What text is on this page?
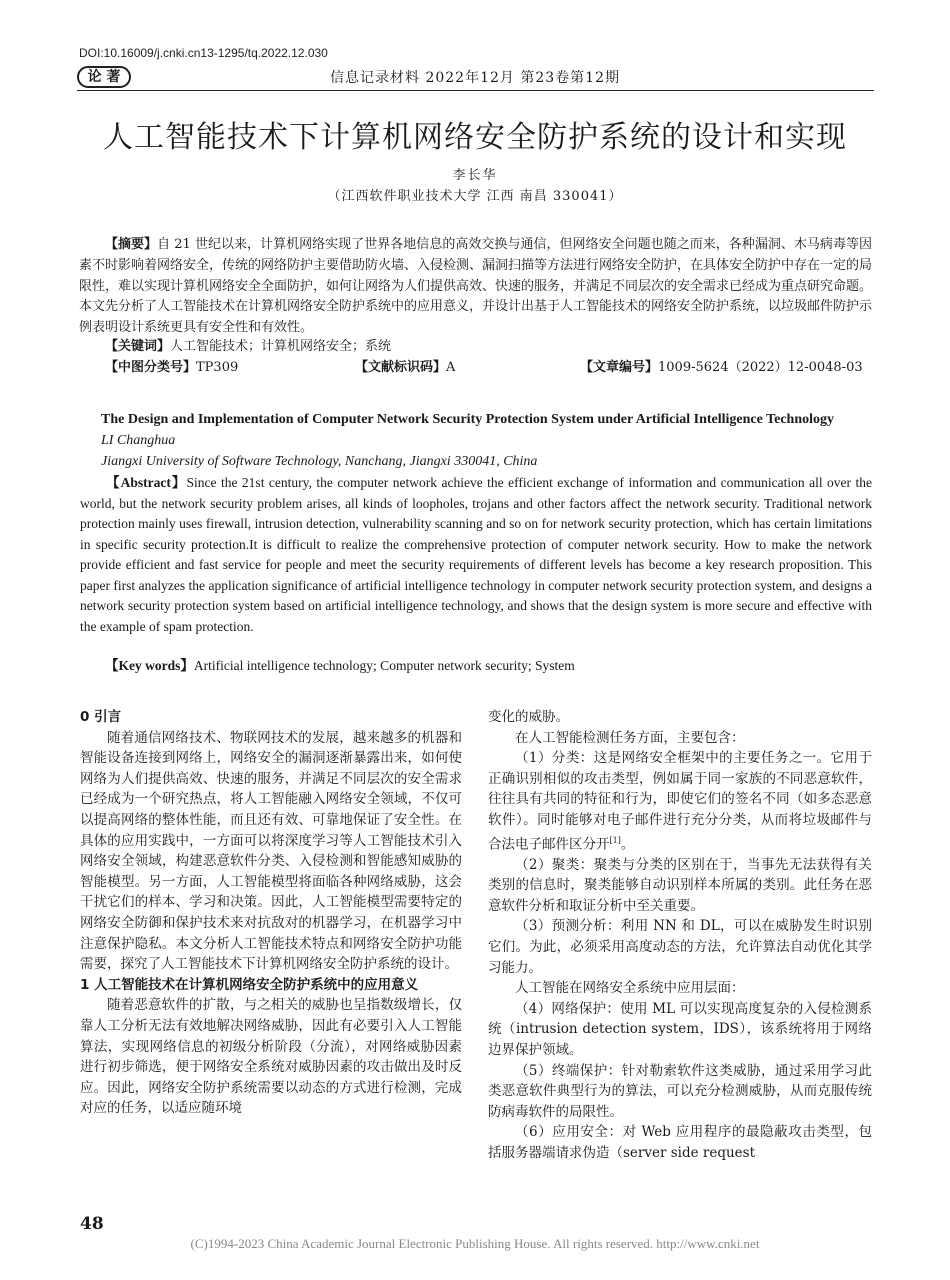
DOI:10.16009/j.cnki.cn13-1295/tq.2022.12.030
论 著	信息记录材料 2022年12月 第23卷第12期
人工智能技术下计算机网络安全防护系统的设计和实现
李长华
（江西软件职业技术大学 江西 南昌 330041）
【摘要】自 21 世纪以来，计算机网络实现了世界各地信息的高效交换与通信，但网络安全问题也随之而来，各种漏洞、木马病毒等因素不时影响着网络安全，传统的网络防护主要借助防火墙、入侵检测、漏洞扫描等方法进行网络安全防护，在具体安全防护中存在一定的局限性，难以实现计算机网络安全全面防护，如何让网络为人们提供高效、快速的服务，并满足不同层次的安全需求已经成为重点研究命题。本文先分析了人工智能技术在计算机网络安全防护系统中的应用意义，并设计出基于人工智能技术的网络安全防护系统，以垃圾邮件防护示例表明设计系统更具有安全性和有效性。
【关键词】人工智能技术；计算机网络安全；系统
【中图分类号】TP309	【文献标识码】A	【文章编号】1009-5624（2022）12-0048-03
The Design and Implementation of Computer Network Security Protection System under Artificial Intelligence Technology
LI Changhua
Jiangxi University of Software Technology, Nanchang, Jiangxi 330041, China
【Abstract】Since the 21st century, the computer network achieve the efficient exchange of information and communication all over the world, but the network security problem arises, all kinds of loopholes, trojans and other factors affect the network security. Traditional network protection mainly uses firewall, intrusion detection, vulnerability scanning and so on for network security protection, which has certain limitations in specific security protection.It is difficult to realize the comprehensive protection of computer network security. How to make the network provide efficient and fast service for people and meet the security requirements of different levels has become a key research proposition. This paper first analyzes the application significance of artificial intelligence technology in computer network security protection system, and designs a network security protection system based on artificial intelligence technology, and shows that the design system is more secure and effective with the example of spam protection.
【Key words】Artificial intelligence technology; Computer network security; System
0 引言

随着通信网络技术、物联网技术的发展，越来越多的机器和智能设备连接到网络上，网络安全的漏洞逐渐暴露出来，如何使网络为人们提供高效、快速的服务，并满足不同层次的安全需求已经成为一个研究热点，将人工智能融入网络安全领域，不仅可以提高网络的整体性能，而且还有效、可靠地保证了安全性。在具体的应用实践中，一方面可以将深度学习等人工智能技术引入网络安全领域，构建恶意软件分类、入侵检测和智能感知威胁的智能模型。另一方面，人工智能模型将面临各种网络威胁，这会干扰它们的样本、学习和决策。因此，人工智能模型需要特定的网络安全防御和保护技术来对抗敌对的机器学习，在机器学习中注意保护隐私。本文分析人工智能技术特点和网络安全防护功能需要，探究了人工智能技术下计算机网络安全防护系统的设计。

1 人工智能技术在计算机网络安全防护系统中的应用意义

随着恶意软件的扩散，与之相关的威胁也呈指数级增长，仅靠人工分析无法有效地解决网络威胁，因此有必要引入人工智能算法，实现网络信息的初级分析阶段（分流），对网络威胁因素进行初步筛选，便于网络安全系统对威胁因素的攻击做出及时反应。因此，网络安全防护系统需要以动态的方式进行检测，完成对应的任务，以适应随环境

变化的威胁。

在人工智能检测任务方面，主要包含：

（1）分类：这是网络安全框架中的主要任务之一。它用于正确识别相似的攻击类型，例如属于同一家族的不同恶意软件，往往具有共同的特征和行为，即使它们的签名不同（如多态恶意软件）。同时能够对电子邮件进行充分分类，从而将垃圾邮件与合法电子邮件区分开[1]。

（2）聚类：聚类与分类的区别在于，当事先无法获得有关类别的信息时，聚类能够自动识别样本所属的类别。此任务在恶意软件分析和取证分析中至关重要。

（3）预测分析：利用 NN 和 DL，可以在威胁发生时识别它们。为此，必须采用高度动态的方法，允许算法自动优化其学习能力。

人工智能在网络安全系统中应用层面：

（4）网络保护：使用 ML 可以实现高度复杂的入侵检测系统（intrusion detection system，IDS），该系统将用于网络边界保护领域。

（5）终端保护：针对勒索软件这类威胁，通过采用学习此类恶意软件典型行为的算法，可以充分检测威胁，从而克服传统防病毒软件的局限性。

（6）应用安全：对 Web 应用程序的最隐蔽攻击类型，包括服务器端请求伪造（server side request

48
(C)1994-2023 China Academic Journal Electronic Publishing House. All rights reserved. http://www.cnki.net
